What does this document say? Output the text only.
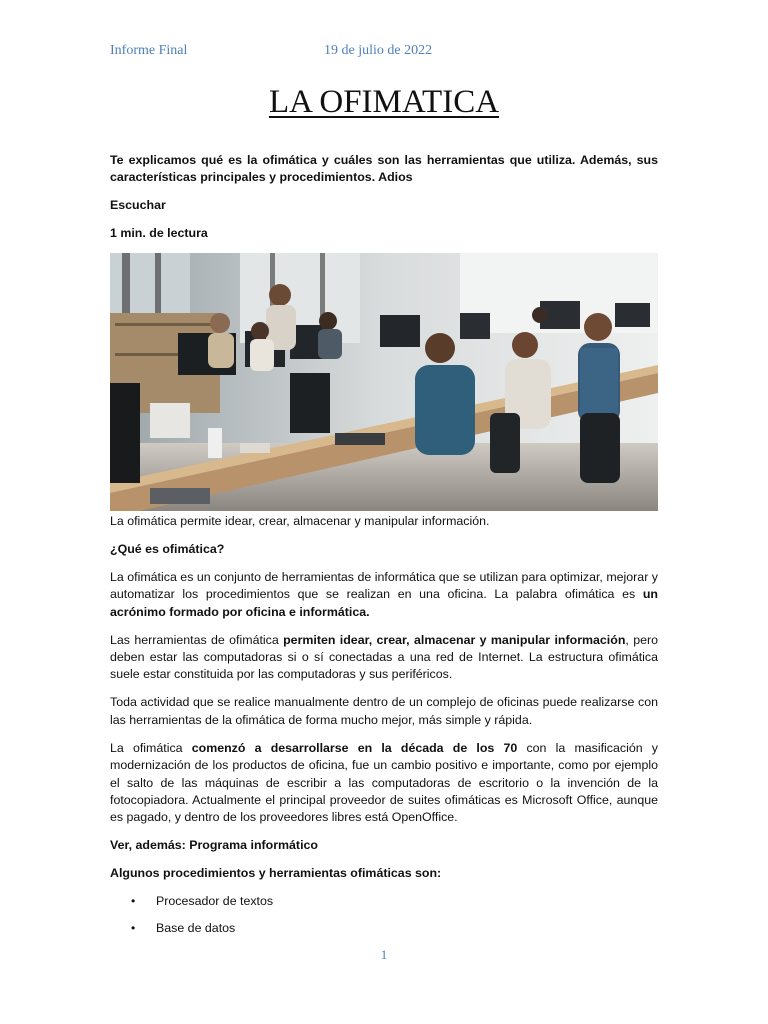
Informe Final	19 de julio de 2022
LA OFIMATICA

Te explicamos qué es la ofimática y cuáles son las herramientas que utiliza. Además, sus características principales y procedimientos. Adios

Escuchar

1 min. de lectura

La ofimática permite idear, crear, almacenar y manipular información.

¿Qué es ofimática?

La ofimática es un conjunto de herramientas de informática que se utilizan para optimizar, mejorar y automatizar los procedimientos que se realizan en una oficina. La palabra ofimática es un acrónimo formado por oficina e informática.

Las herramientas de ofimática permiten idear, crear, almacenar y manipular información, pero deben estar las computadoras si o sí conectadas a una red de Internet. La estructura ofimática suele estar constituida por las computadoras y sus periféricos.

Toda actividad que se realice manualmente dentro de un complejo de oficinas puede realizarse con las herramientas de la ofimática de forma mucho mejor, más simple y rápida.

La ofimática comenzó a desarrollarse en la década de los 70 con la masificación y modernización de los productos de oficina, fue un cambio positivo e importante, como por ejemplo el salto de las máquinas de escribir a las computadoras de escritorio o la invención de la fotocopiadora. Actualmente el principal proveedor de suites ofimáticas es Microsoft Office, aunque es pagado, y dentro de los proveedores libres está OpenOffice.

Ver, además: Programa informático

Algunos procedimientos y herramientas ofimáticas son:

• Procesador de textos
• Base de datos
1
